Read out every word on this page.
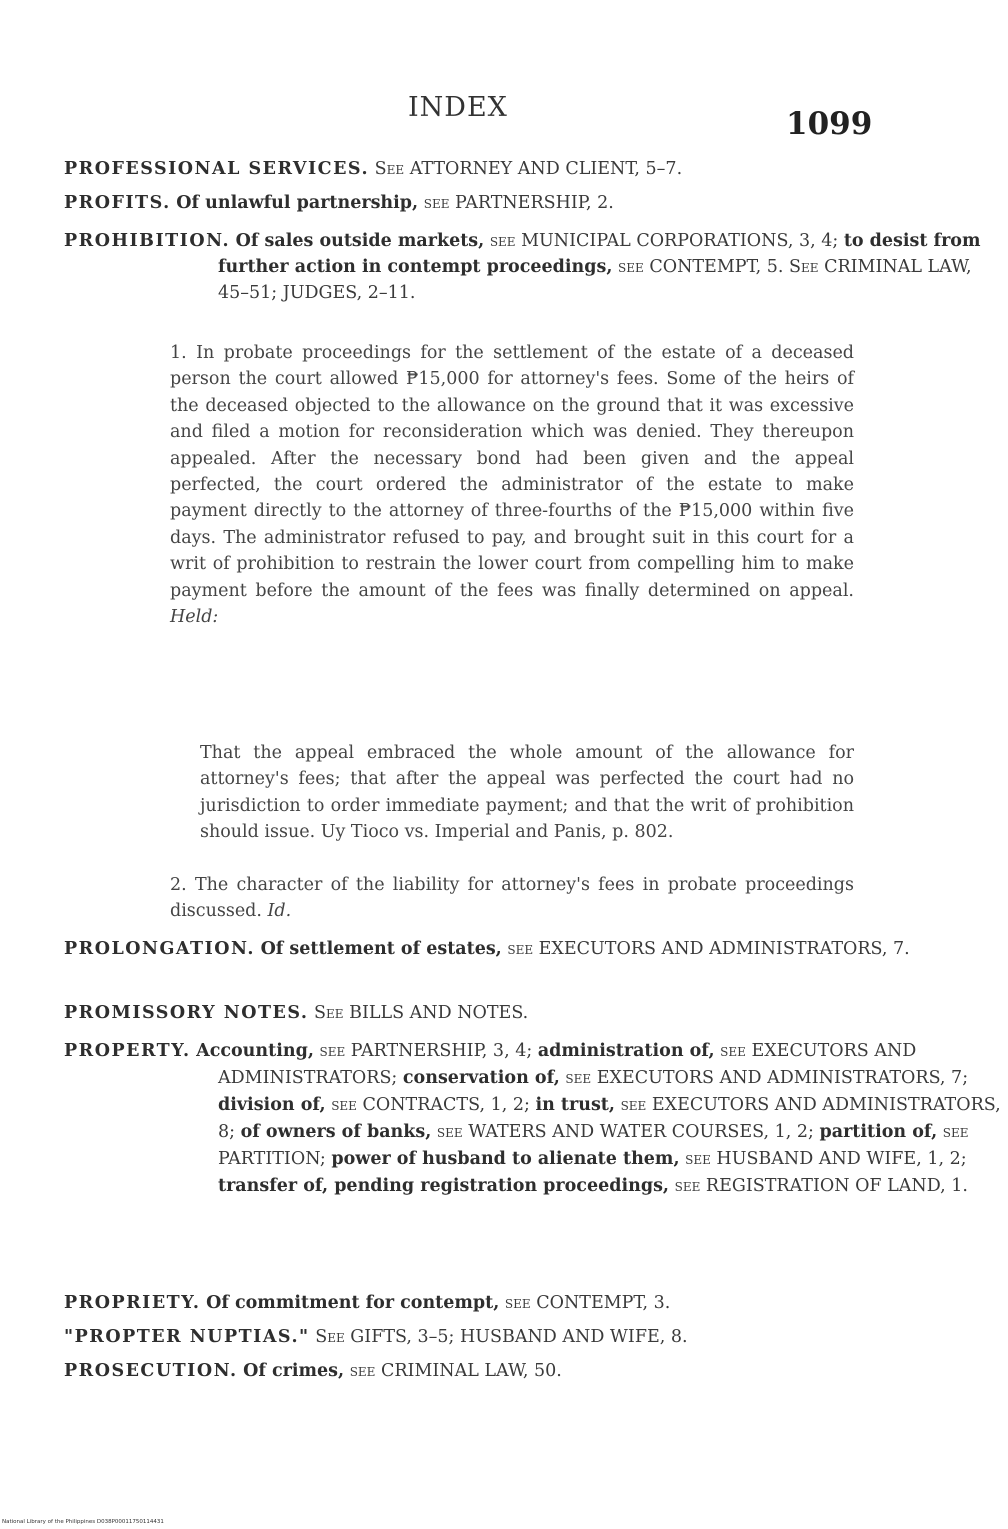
INDEX	1099
PROFESSIONAL SERVICES. See ATTORNEY AND CLIENT, 5–7.
PROFITS. Of unlawful partnership, see PARTNERSHIP, 2.
PROHIBITION. Of sales outside markets, see MUNICIPAL CORPORATIONS, 3, 4; to desist from further action in contempt proceedings, see CONTEMPT, 5. See CRIMINAL LAW, 45–51; JUDGES, 2–11.
1. In probate proceedings for the settlement of the estate of a deceased person the court allowed ₱15,000 for attorney's fees. Some of the heirs of the deceased objected to the allowance on the ground that it was excessive and filed a motion for reconsideration which was denied. They thereupon appealed. After the necessary bond had been given and the appeal perfected, the court ordered the administrator of the estate to make payment directly to the attorney of three-fourths of the ₱15,000 within five days. The administrator refused to pay, and brought suit in this court for a writ of prohibition to restrain the lower court from compelling him to make payment before the amount of the fees was finally determined on appeal. Held:
That the appeal embraced the whole amount of the allowance for attorney's fees; that after the appeal was perfected the court had no jurisdiction to order immediate payment; and that the writ of prohibition should issue. Uy Tioco vs. Imperial and Panis, p. 802.
2. The character of the liability for attorney's fees in probate proceedings discussed. Id.
PROLONGATION. Of settlement of estates, see EXECUTORS AND ADMINISTRATORS, 7.
PROMISSORY NOTES. See BILLS AND NOTES.
PROPERTY. Accounting, see PARTNERSHIP, 3, 4; administration of, see EXECUTORS AND ADMINISTRATORS; conservation of, see EXECUTORS AND ADMINISTRATORS, 7; division of, see CONTRACTS, 1, 2; in trust, see EXECUTORS AND ADMINISTRATORS, 8; of owners of banks, see WATERS AND WATER COURSES, 1, 2; partition of, see PARTITION; power of husband to alienate them, see HUSBAND AND WIFE, 1, 2; transfer of, pending registration proceedings, see REGISTRATION OF LAND, 1.
PROPRIETY. Of commitment for contempt, see CONTEMPT, 3.
"PROPTER NUPTIAS." See GIFTS, 3–5; HUSBAND AND WIFE, 8.
PROSECUTION. Of crimes, see CRIMINAL LAW, 50.
National Library of the Philippines D038P00011750114431
